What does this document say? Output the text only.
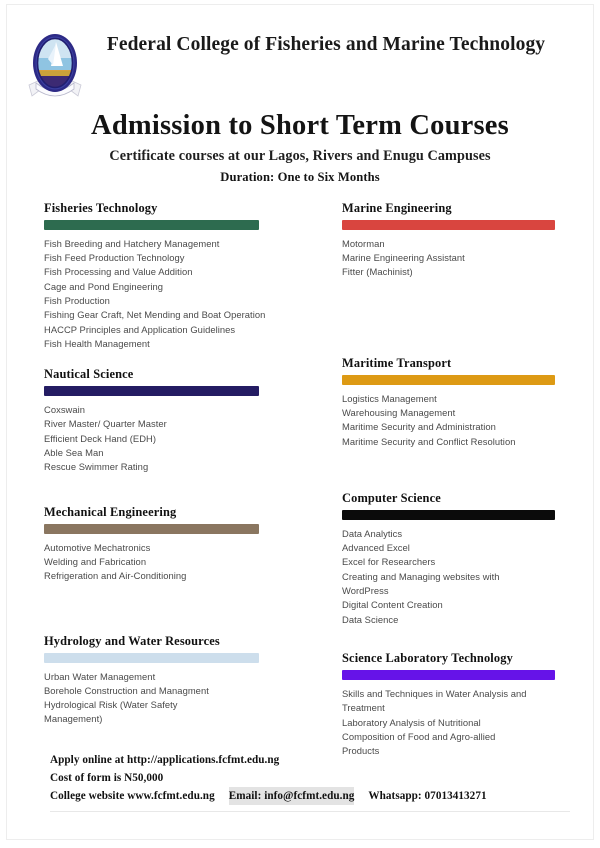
Federal College of Fisheries and Marine Technology
Admission to Short Term Courses
Certificate courses at our Lagos, Rivers and Enugu Campuses
Duration: One to Six Months
Fisheries Technology
Fish Breeding and Hatchery Management
Fish Feed Production Technology
Fish Processing and Value Addition
Cage and Pond Engineering
Fish Production
Fishing Gear Craft, Net Mending and Boat Operation
HACCP Principles and Application Guidelines
Fish Health Management
Nautical Science
Coxswain
River Master/ Quarter Master
Efficient Deck Hand (EDH)
Able Sea Man
Rescue Swimmer Rating
Mechanical Engineering
Automotive Mechatronics
Welding and Fabrication
Refrigeration and Air-Conditioning
Hydrology and Water Resources
Urban Water Management
Borehole Construction and Managment
Hydrological Risk (Water Safety Management)
Marine Engineering
Motorman
Marine Engineering Assistant
Fitter (Machinist)
Maritime Transport
Logistics Management
Warehousing Management
Maritime Security and Administration
Maritime Security and Conflict Resolution
Computer Science
Data Analytics
Advanced Excel
Excel for Researchers
Creating and Managing websites with WordPress
Digital Content Creation
Data Science
Science Laboratory Technology
Skills and Techniques in Water Analysis and Treatment
Laboratory Analysis of Nutritional Composition of Food and Agro-allied Products
Apply online at http://applications.fcfmt.edu.ng
Cost of form is N50,000
College website www.fcfmt.edu.ng Email: info@fcfmt.edu.ng Whatsapp: 07013413271
